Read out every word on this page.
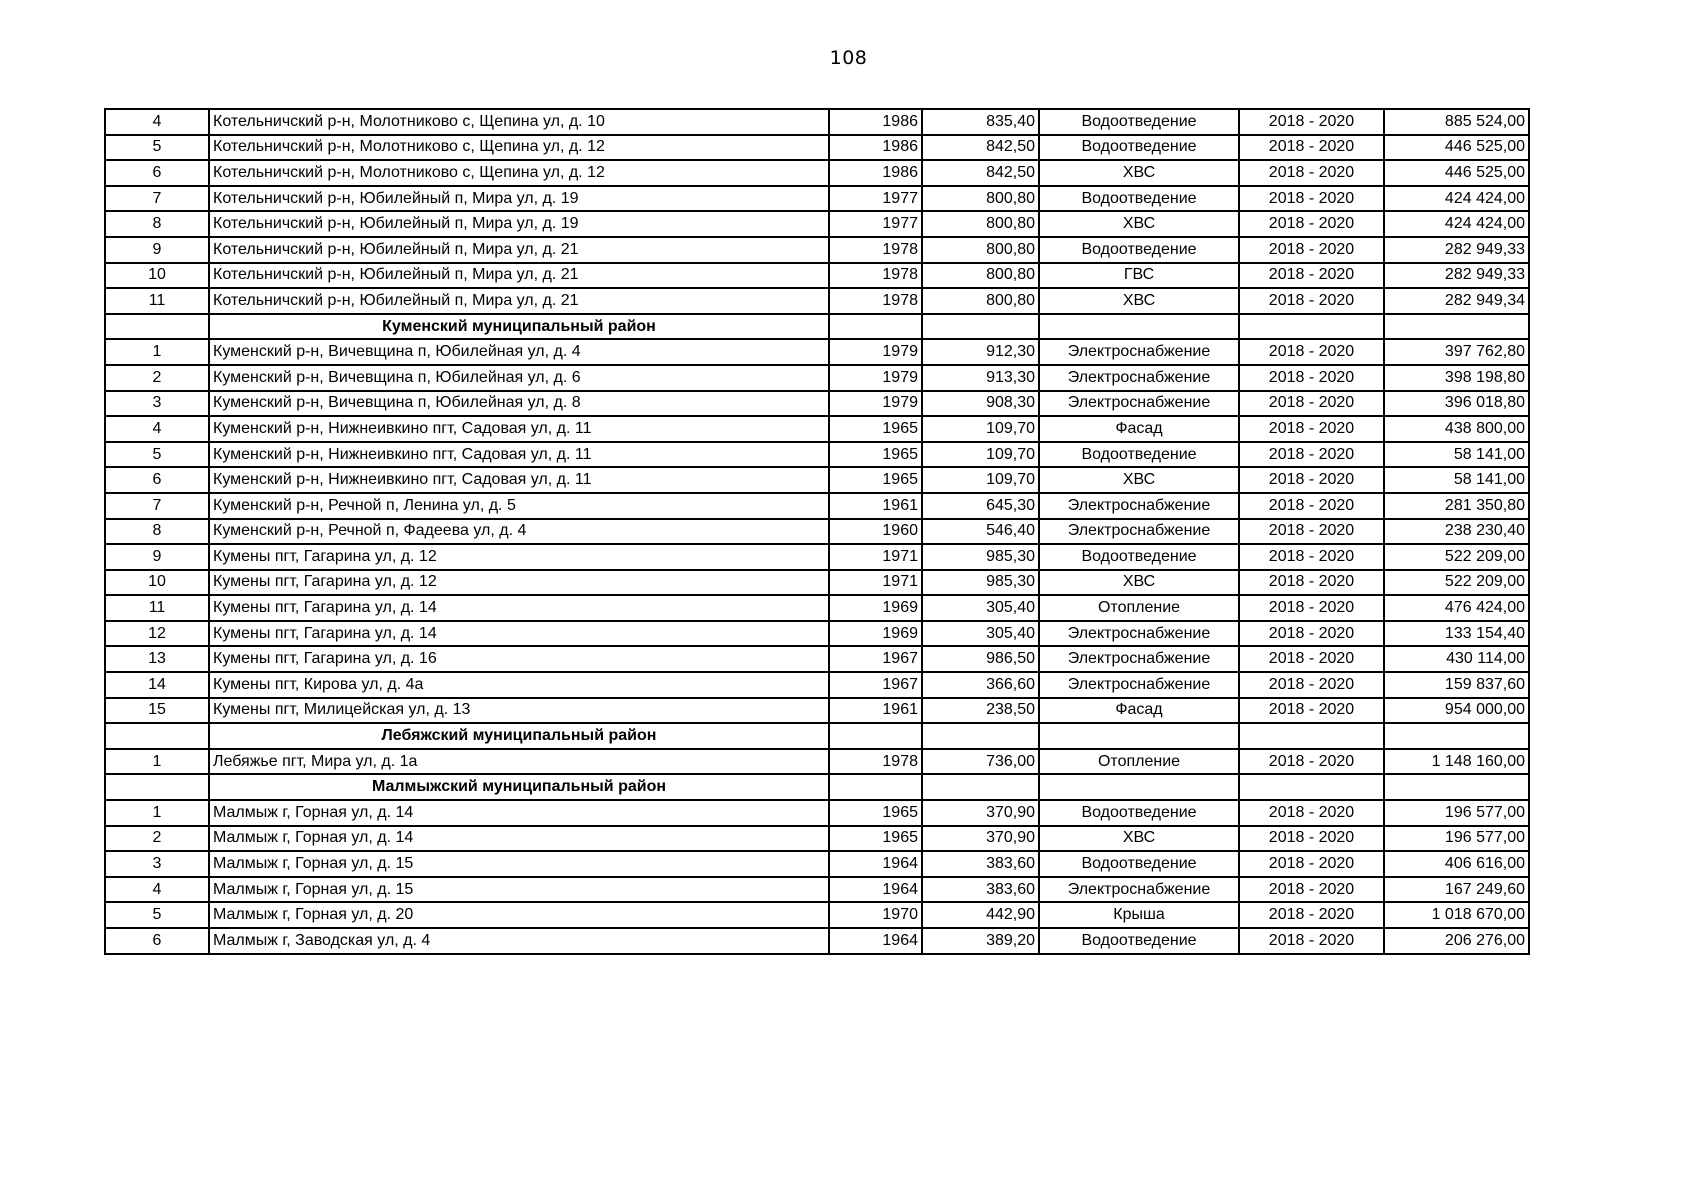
108
4	Котельничский р-н, Молотниково с, Щепина ул, д. 10	1986	835,40	Водоотведение	2018 - 2020	885 524,00
5	Котельничский р-н, Молотниково с, Щепина ул, д. 12	1986	842,50	Водоотведение	2018 - 2020	446 525,00
6	Котельничский р-н, Молотниково с, Щепина ул, д. 12	1986	842,50	ХВС	2018 - 2020	446 525,00
7	Котельничский р-н, Юбилейный п, Мира ул, д. 19	1977	800,80	Водоотведение	2018 - 2020	424 424,00
8	Котельничский р-н, Юбилейный п, Мира ул, д. 19	1977	800,80	ХВС	2018 - 2020	424 424,00
9	Котельничский р-н, Юбилейный п, Мира ул, д. 21	1978	800,80	Водоотведение	2018 - 2020	282 949,33
10	Котельничский р-н, Юбилейный п, Мира ул, д. 21	1978	800,80	ГВС	2018 - 2020	282 949,33
11	Котельничский р-н, Юбилейный п, Мира ул, д. 21	1978	800,80	ХВС	2018 - 2020	282 949,34
	Куменский муниципальный район					
1	Куменский р-н, Вичевщина п, Юбилейная ул, д. 4	1979	912,30	Электроснабжение	2018 - 2020	397 762,80
2	Куменский р-н, Вичевщина п, Юбилейная ул, д. 6	1979	913,30	Электроснабжение	2018 - 2020	398 198,80
3	Куменский р-н, Вичевщина п, Юбилейная ул, д. 8	1979	908,30	Электроснабжение	2018 - 2020	396 018,80
4	Куменский р-н, Нижнеивкино пгт, Садовая ул, д. 11	1965	109,70	Фасад	2018 - 2020	438 800,00
5	Куменский р-н, Нижнеивкино пгт, Садовая ул, д. 11	1965	109,70	Водоотведение	2018 - 2020	58 141,00
6	Куменский р-н, Нижнеивкино пгт, Садовая ул, д. 11	1965	109,70	ХВС	2018 - 2020	58 141,00
7	Куменский р-н, Речной п, Ленина ул, д. 5	1961	645,30	Электроснабжение	2018 - 2020	281 350,80
8	Куменский р-н, Речной п, Фадеева ул, д. 4	1960	546,40	Электроснабжение	2018 - 2020	238 230,40
9	Кумены пгт, Гагарина ул, д. 12	1971	985,30	Водоотведение	2018 - 2020	522 209,00
10	Кумены пгт, Гагарина ул, д. 12	1971	985,30	ХВС	2018 - 2020	522 209,00
11	Кумены пгт, Гагарина ул, д. 14	1969	305,40	Отопление	2018 - 2020	476 424,00
12	Кумены пгт, Гагарина ул, д. 14	1969	305,40	Электроснабжение	2018 - 2020	133 154,40
13	Кумены пгт, Гагарина ул, д. 16	1967	986,50	Электроснабжение	2018 - 2020	430 114,00
14	Кумены пгт, Кирова ул, д. 4а	1967	366,60	Электроснабжение	2018 - 2020	159 837,60
15	Кумены пгт, Милицейская ул, д. 13	1961	238,50	Фасад	2018 - 2020	954 000,00
	Лебяжский муниципальный район					
1	Лебяжье пгт, Мира ул, д. 1а	1978	736,00	Отопление	2018 - 2020	1 148 160,00
	Малмыжский муниципальный район					
1	Малмыж г, Горная ул, д. 14	1965	370,90	Водоотведение	2018 - 2020	196 577,00
2	Малмыж г, Горная ул, д. 14	1965	370,90	ХВС	2018 - 2020	196 577,00
3	Малмыж г, Горная ул, д. 15	1964	383,60	Водоотведение	2018 - 2020	406 616,00
4	Малмыж г, Горная ул, д. 15	1964	383,60	Электроснабжение	2018 - 2020	167 249,60
5	Малмыж г, Горная ул, д. 20	1970	442,90	Крыша	2018 - 2020	1 018 670,00
6	Малмыж г, Заводская ул, д. 4	1964	389,20	Водоотведение	2018 - 2020	206 276,00
